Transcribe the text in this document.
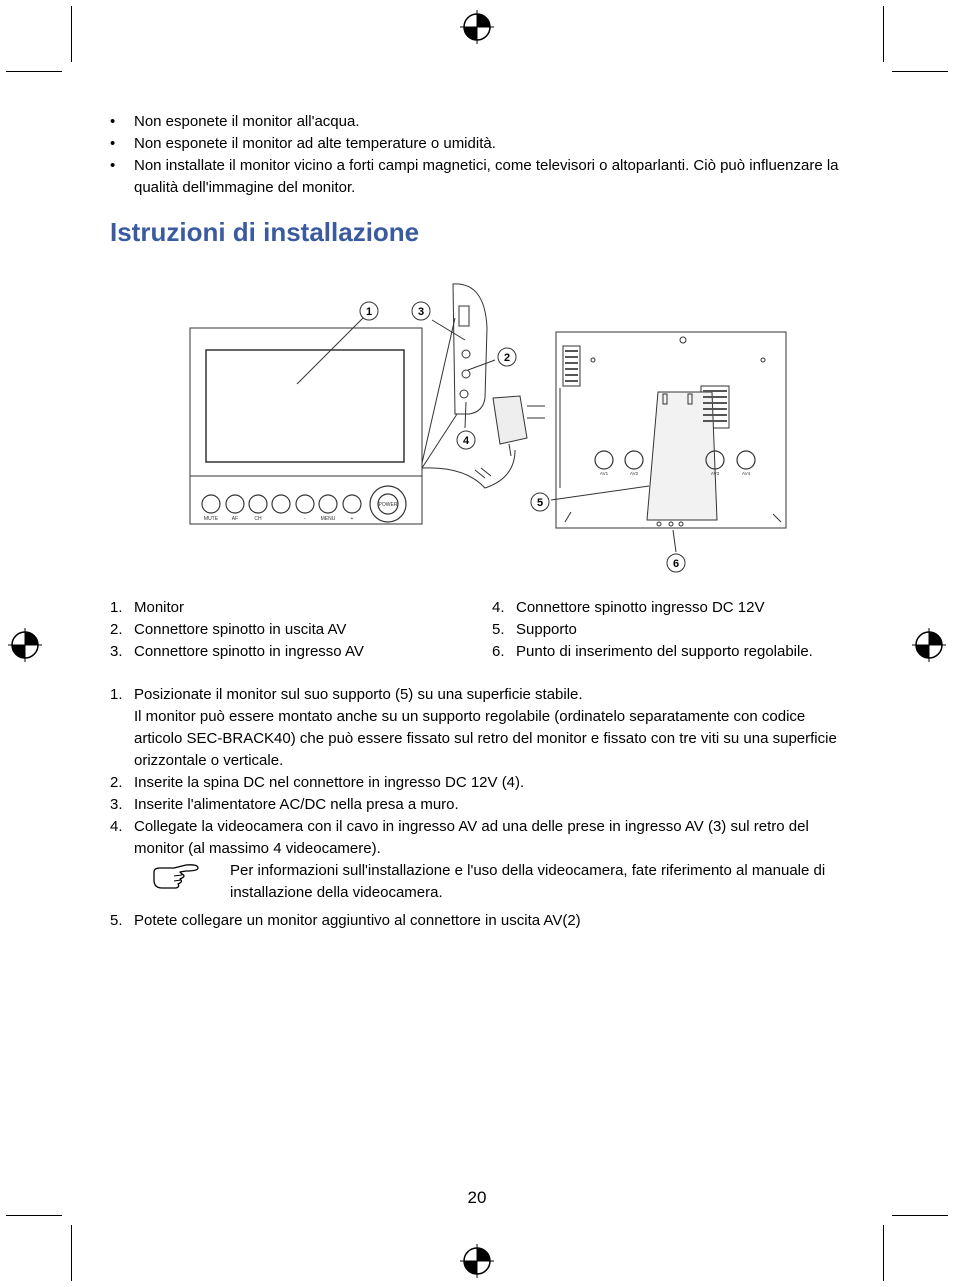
• Non esponete il monitor all'acqua.
• Non esponete il monitor ad alte temperature o umidità.
• Non installate il monitor vicino a forti campi magnetici, come televisori o altoparlanti. Ciò può influenzare la qualità dell'immagine del monitor.
Istruzioni di installazione
MUTE	AF	CH	-	MENU	+
POWER
AV1	AV2	AV3	AV4
1
2
3
4
5
6
1. Monitor
2. Connettore spinotto in uscita AV
3. Connettore spinotto in ingresso AV
4. Connettore spinotto ingresso DC 12V
5. Supporto
6. Punto di inserimento del supporto regolabile.
1. Posizionate il monitor sul suo supporto (5) su una superficie stabile.
Il monitor può essere montato anche su un supporto regolabile (ordinatelo separatamente con codice articolo SEC-BRACK40) che può essere fissato sul retro del monitor e fissato con tre viti su una superficie orizzontale o verticale.
2. Inserite la spina DC nel connettore in ingresso DC 12V (4).
3. Inserite l'alimentatore AC/DC nella presa a muro.
4. Collegate la videocamera con il cavo in ingresso AV ad una delle prese in ingresso AV (3) sul retro del monitor (al massimo 4 videocamere).
Per informazioni sull'installazione e l'uso della videocamera, fate riferimento al manuale di installazione della videocamera.
5. Potete collegare un monitor aggiuntivo al connettore in uscita AV(2)
20
